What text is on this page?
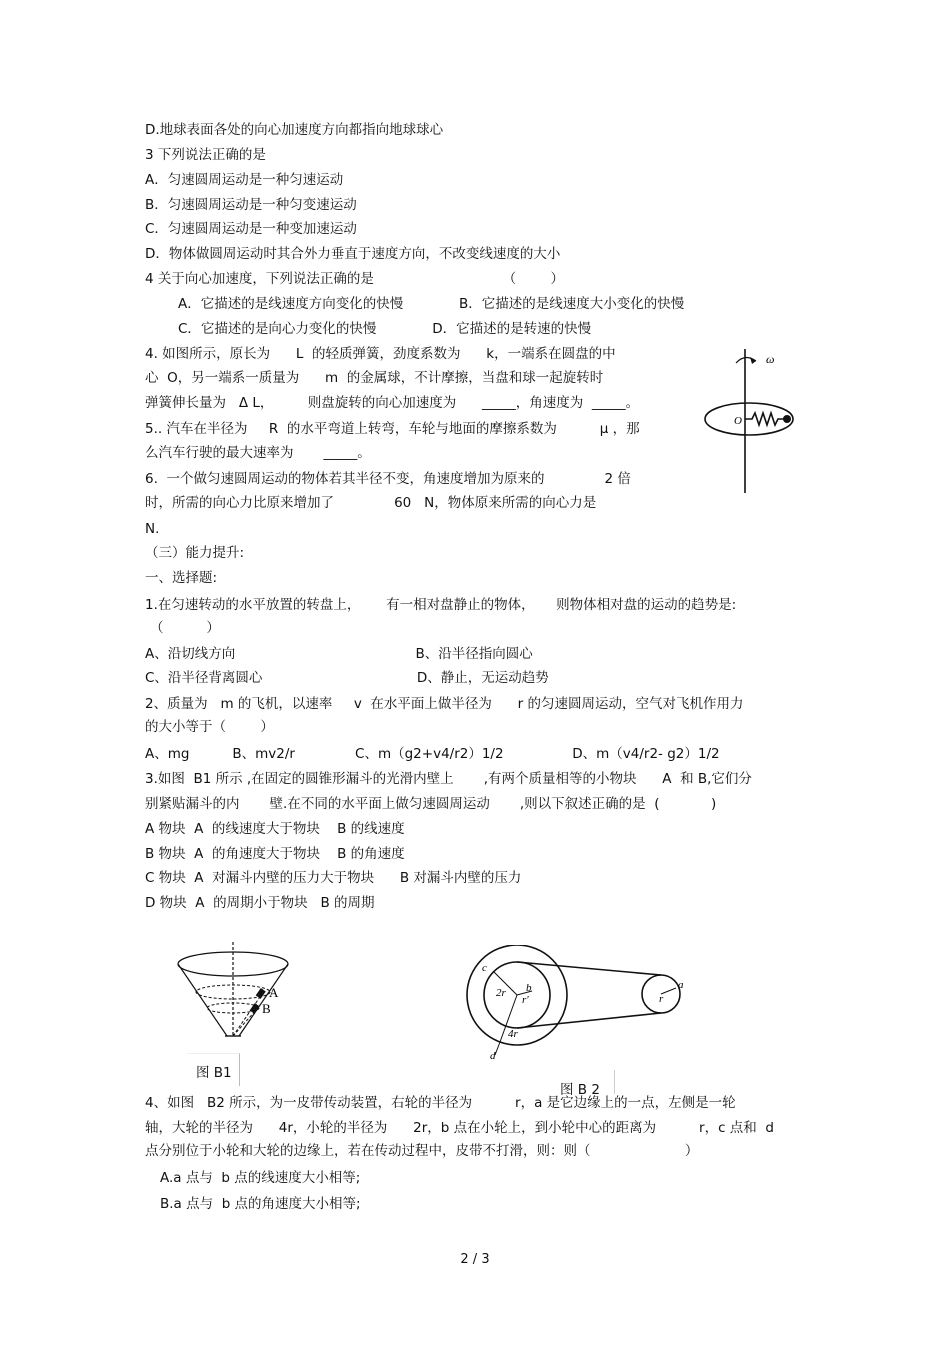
D.地球表面各处的向心加速度方向都指向地球球心
3 下列说法正确的是
A．匀速圆周运动是一种匀速运动
B．匀速圆周运动是一种匀变速运动
C．匀速圆周运动是一种变加速运动
D．物体做圆周运动时其合外力垂直于速度方向，不改变线速度的大小
4 关于向心加速度，下列说法正确的是                              （        ）
A．它描述的是线速度方向变化的快慢             B．它描述的是线速度大小变化的快慢
C．它描述的是向心力变化的快慢             D．它描述的是转速的快慢
4. 如图所示，原长为      L  的轻质弹簧，劲度系数为      k，一端系在圆盘的中
心  O，另一端系一质量为      m  的金属球，不计摩擦，当盘和球一起旋转时
弹簧伸长量为   Δ L，        则盘旋转的向心加速度为      _____，角速度为  _____。
5.. 汽车在半径为     R  的水平弯道上转弯，车轮与地面的摩擦系数为          μ ，那
么汽车行驶的最大速率为       _____。
6.  一个做匀速圆周运动的物体若其半径不变，角速度增加为原来的              2 倍
时，所需的向心力比原来增加了              60   N，物体原来所需的向心力是
N.
（三）能力提升:
一、选择题:
1.在匀速转动的水平放置的转盘上，      有一相对盘静止的物体，     则物体相对盘的运动的趋势是:
（          ）
A、沿切线方向                                          B、沿半径指向圆心
C、沿半径背离圆心                                    D、静止，无运动趋势
2、质量为   m 的飞机，以速率     v  在水平面上做半径为      r 的匀速圆周运动，空气对飞机作用力
的大小等于（        ）
A、mg          B、mv2/r              C、m（g2+v4/r2）1/2                D、m（v4/r2- g2）1/2
3.如图  B1 所示 ,在固定的圆锥形漏斗的光滑内壁上       ,有两个质量相等的小物块      A  和 B,它们分
别紧贴漏斗的内       壁.在不同的水平面上做匀速圆周运动       ,则以下叙述正确的是  (            )
A 物块  A  的线速度大于物块    B 的线速度
B 物块  A  的角速度大于物块    B 的角速度
C 物块  A  对漏斗内壁的压力大于物块      B 对漏斗内壁的压力
D 物块  A  的周期小于物块   B 的周期
4、如图   B2 所示，为一皮带传动装置，右轮的半径为          r，a 是它边缘上的一点，左侧是一轮
轴，大轮的半径为      4r，小轮的半径为      2r，b 点在小轮上，到小轮中心的距离为          r，c 点和  d
点分别位于小轮和大轮的边缘上，若在传动过程中，皮带不打滑，则：则（                      ）
A.a 点与  b 点的线速度大小相等;
B.a 点与  b 点的角速度大小相等;
ω
O
A
B
图 B1
c
2r b
r'
4r
d
a
r
图 B 2
2 / 3
